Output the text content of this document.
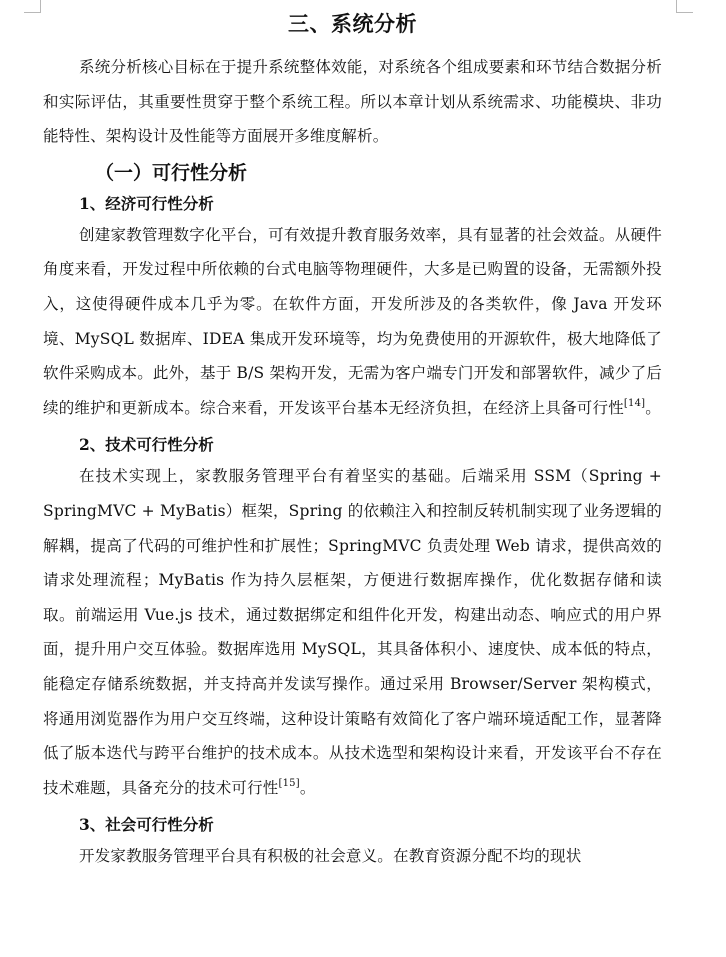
三、系统分析

系统分析核心目标在于提升系统整体效能，对系统各个组成要素和环节结合数据分析和实际评估，其重要性贯穿于整个系统工程。所以本章计划从系统需求、功能模块、非功能特性、架构设计及性能等方面展开多维度解析。

（一）可行性分析
1、经济可行性分析

创建家教管理数字化平台，可有效提升教育服务效率，具有显著的社会效益。从硬件角度来看，开发过程中所依赖的台式电脑等物理硬件，大多是已购置的设备，无需额外投入，这使得硬件成本几乎为零。在软件方面，开发所涉及的各类软件，像 Java 开发环境、MySQL 数据库、IDEA 集成开发环境等，均为免费使用的开源软件，极大地降低了软件采购成本。此外，基于 B/S 架构开发，无需为客户端专门开发和部署软件，减少了后续的维护和更新成本。综合来看，开发该平台基本无经济负担，在经济上具备可行性[14]。

2、技术可行性分析

在技术实现上，家教服务管理平台有着坚实的基础。后端采用 SSM（Spring + SpringMVC + MyBatis）框架，Spring 的依赖注入和控制反转机制实现了业务逻辑的解耦，提高了代码的可维护性和扩展性；SpringMVC 负责处理 Web 请求，提供高效的请求处理流程；MyBatis 作为持久层框架，方便进行数据库操作，优化数据存储和读取。前端运用 Vue.js 技术，通过数据绑定和组件化开发，构建出动态、响应式的用户界面，提升用户交互体验。数据库选用 MySQL，其具备体积小、速度快、成本低的特点，能稳定存储系统数据，并支持高并发读写操作。通过采用 Browser/Server 架构模式，将通用浏览器作为用户交互终端，这种设计策略有效简化了客户端环境适配工作，显著降低了版本迭代与跨平台维护的技术成本。从技术选型和架构设计来看，开发该平台不存在技术难题，具备充分的技术可行性[15]。

3、社会可行性分析

开发家教服务管理平台具有积极的社会意义。在教育资源分配不均的现状
